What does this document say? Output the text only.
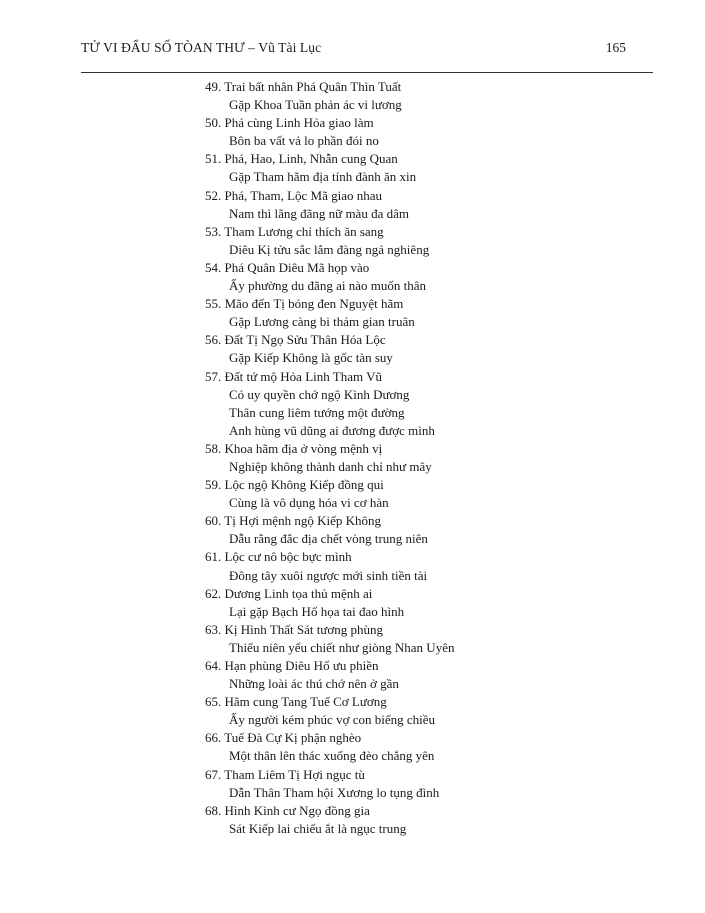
TỬ VI ĐẨU SỐ TÒAN THƯ – Vũ Tài Lục	165
49. Trai bất nhân Phá Quân Thìn Tuất
Gặp Khoa Tuần phản ác vi lương
50. Phá cùng Linh Hỏa giao làm
Bôn ba vất vả lo phần đói no
51. Phá, Hao, Linh, Nhẫn cung Quan
Gặp Tham hãm địa tính đành ăn xin
52. Phá, Tham, Lộc Mã giao nhau
Nam thì lãng đãng nữ màu đa dâm
53. Tham Lương chỉ thích ăn sang
Diêu Kị tửu sắc lắm đàng ngả nghiêng
54. Phá Quân Diêu Mã họp vào
Ấy phường du đãng ai nào muốn thân
55. Mão đến Tị bóng đen Nguyệt hãm
Gặp Lương càng bi thảm gian truân
56. Đất Tị Ngọ Sửu Thân Hóa Lộc
Gặp Kiếp Không là gốc tàn suy
57. Đất tứ mộ Hỏa Linh Tham Vũ
Có uy quyền chớ ngộ Kình Dương
Thân cung liêm tướng một đường
Anh hùng vũ dũng ai đương được mình
58. Khoa hãm địa ở vòng mệnh vị
Nghiệp không thành danh chỉ như mây
59. Lộc ngộ Không Kiếp đồng qui
Cùng là vô dụng hóa vi cơ hàn
60. Tị Hợi mệnh ngộ Kiếp Không
Dẫu rằng đắc địa chết vòng trung niên
61. Lộc cư nô bộc bực mình
Đông tây xuôi ngược mới sinh tiền tài
62. Dương Linh tọa thủ mệnh ai
Lại gặp Bạch Hổ họa tai đao hình
63. Kị Hình Thất Sát tương phùng
Thiếu niên yểu chiết như giòng Nhan Uyên
64. Hạn phùng Diêu Hổ ưu phiền
Những loài ác thú chớ nên ở gần
65. Hãm cung Tang Tuế Cơ Lương
Ấy người kém phúc vợ con biếng chiều
66. Tuế Đà Cự Kị phận nghèo
Một thân lên thác xuống đèo chẳng yên
67. Tham Liêm Tị Hợi ngục tù
Dẫn Thân Tham hội Xương lo tụng đình
68. Hình Kình cư Ngọ đồng gia
Sát Kiếp lai chiếu ắt là ngục trung
